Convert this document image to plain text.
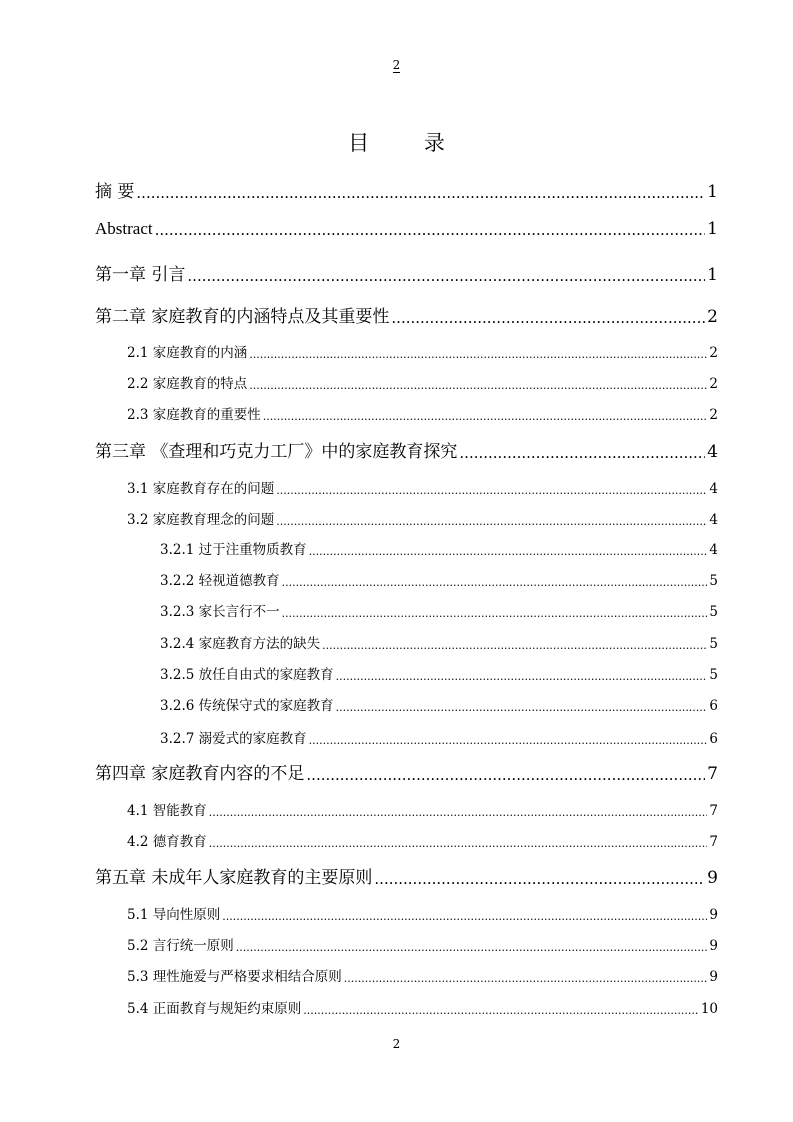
2
目 录
摘 要 .....	1
Abstract .....	1
第一章 引言 .....	1
第二章 家庭教育的内涵特点及其重要性 .....	2
2.1 家庭教育的内涵 .....	2
2.2 家庭教育的特点 .....	2
2.3 家庭教育的重要性 .....	2
第三章 《查理和巧克力工厂》中的家庭教育探究 .....	4
3.1 家庭教育存在的问题 .....	4
3.2 家庭教育理念的问题 .....	4
3.2.1 过于注重物质教育 .....	4
3.2.2 轻视道德教育 .....	5
3.2.3 家长言行不一 .....	5
3.2.4 家庭教育方法的缺失 .....	5
3.2.5 放任自由式的家庭教育 .....	5
3.2.6 传统保守式的家庭教育 .....	6
3.2.7 溺爱式的家庭教育 .....	6
第四章 家庭教育内容的不足 .....	7
4.1 智能教育 .....	7
4.2 德育教育 .....	7
第五章 未成年人家庭教育的主要原则 .....	9
5.1 导向性原则 .....	9
5.2 言行统一原则 .....	9
5.3 理性施爱与严格要求相结合原则 .....	9
5.4 正面教育与规矩约束原则 .....	10
2
